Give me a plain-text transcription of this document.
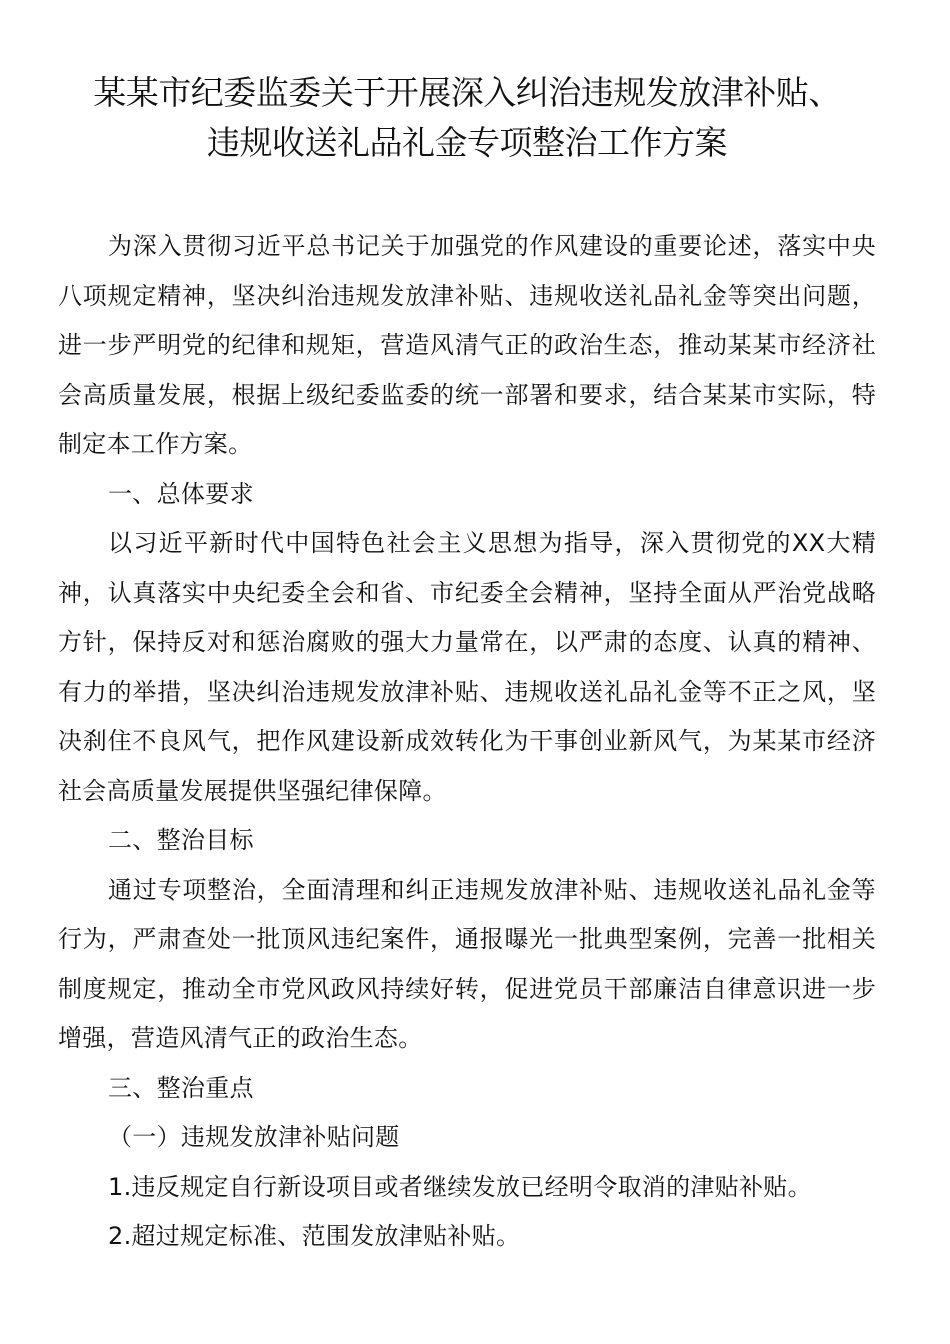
某某市纪委监委关于开展深入纠治违规发放津补贴、
违规收送礼品礼金专项整治工作方案

为深入贯彻习近平总书记关于加强党的作风建设的重要论述，落实中央八项规定精神，坚决纠治违规发放津补贴、违规收送礼品礼金等突出问题，进一步严明党的纪律和规矩，营造风清气正的政治生态，推动某某市经济社会高质量发展，根据上级纪委监委的统一部署和要求，结合某某市实际，特制定本工作方案。

一、总体要求

以习近平新时代中国特色社会主义思想为指导，深入贯彻党的XX大精神，认真落实中央纪委全会和省、市纪委全会精神，坚持全面从严治党战略方针，保持反对和惩治腐败的强大力量常在，以严肃的态度、认真的精神、有力的举措，坚决纠治违规发放津补贴、违规收送礼品礼金等不正之风，坚决刹住不良风气，把作风建设新成效转化为干事创业新风气，为某某市经济社会高质量发展提供坚强纪律保障。

二、整治目标

通过专项整治，全面清理和纠正违规发放津补贴、违规收送礼品礼金等行为，严肃查处一批顶风违纪案件，通报曝光一批典型案例，完善一批相关制度规定，推动全市党风政风持续好转，促进党员干部廉洁自律意识进一步增强，营造风清气正的政治生态。

三、整治重点

（一）违规发放津补贴问题

1.违反规定自行新设项目或者继续发放已经明令取消的津贴补贴。

2.超过规定标准、范围发放津贴补贴。
